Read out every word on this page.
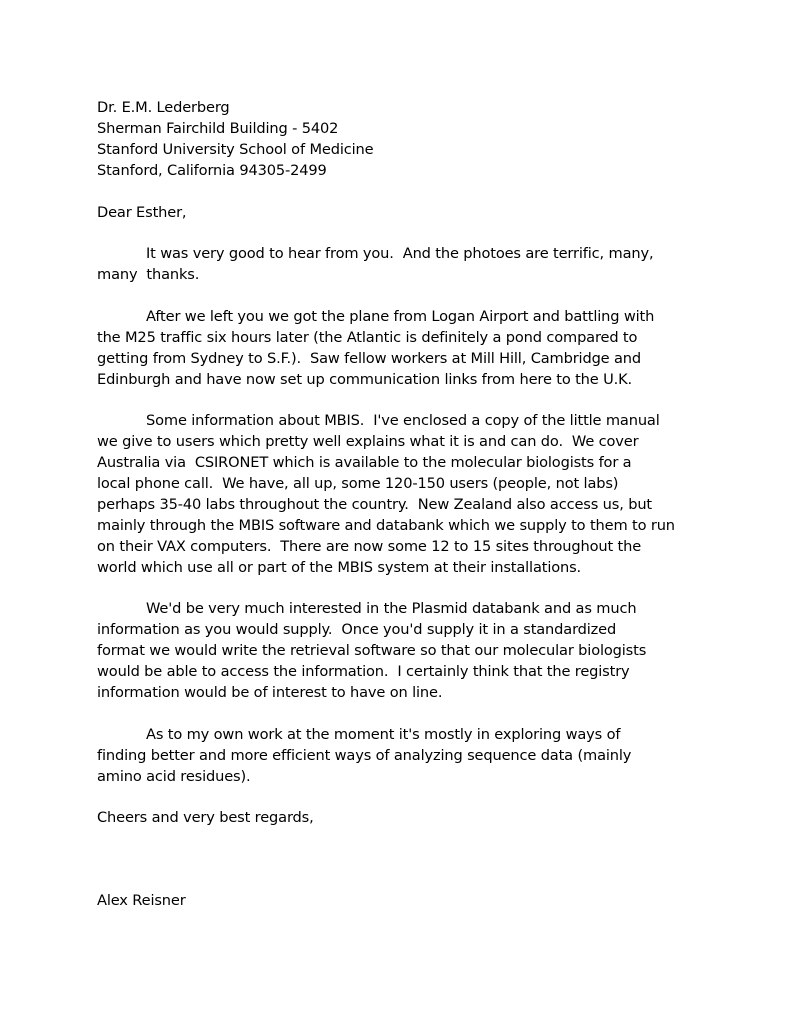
Dr. E.M. Lederberg
Sherman Fairchild Building - 5402
Stanford University School of Medicine
Stanford, California 94305-2499
Dear Esther,
It was very good to hear from you.  And the photoes are terrific, many,
many  thanks.
After we left you we got the plane from Logan Airport and battling with
the M25 traffic six hours later (the Atlantic is definitely a pond compared to
getting from Sydney to S.F.).  Saw fellow workers at Mill Hill, Cambridge and
Edinburgh and have now set up communication links from here to the U.K.
Some information about MBIS.  I've enclosed a copy of the little manual
we give to users which pretty well explains what it is and can do.  We cover
Australia via  CSIRONET which is available to the molecular biologists for a
local phone call.  We have, all up, some 120-150 users (people, not labs)
perhaps 35-40 labs throughout the country.  New Zealand also access us, but
mainly through the MBIS software and databank which we supply to them to run
on their VAX computers.  There are now some 12 to 15 sites throughout the
world which use all or part of the MBIS system at their installations.
We'd be very much interested in the Plasmid databank and as much
information as you would supply.  Once you'd supply it in a standardized
format we would write the retrieval software so that our molecular biologists
would be able to access the information.  I certainly think that the registry
information would be of interest to have on line.
As to my own work at the moment it's mostly in exploring ways of
finding better and more efficient ways of analyzing sequence data (mainly
amino acid residues).
Cheers and very best regards,
Alex Reisner
